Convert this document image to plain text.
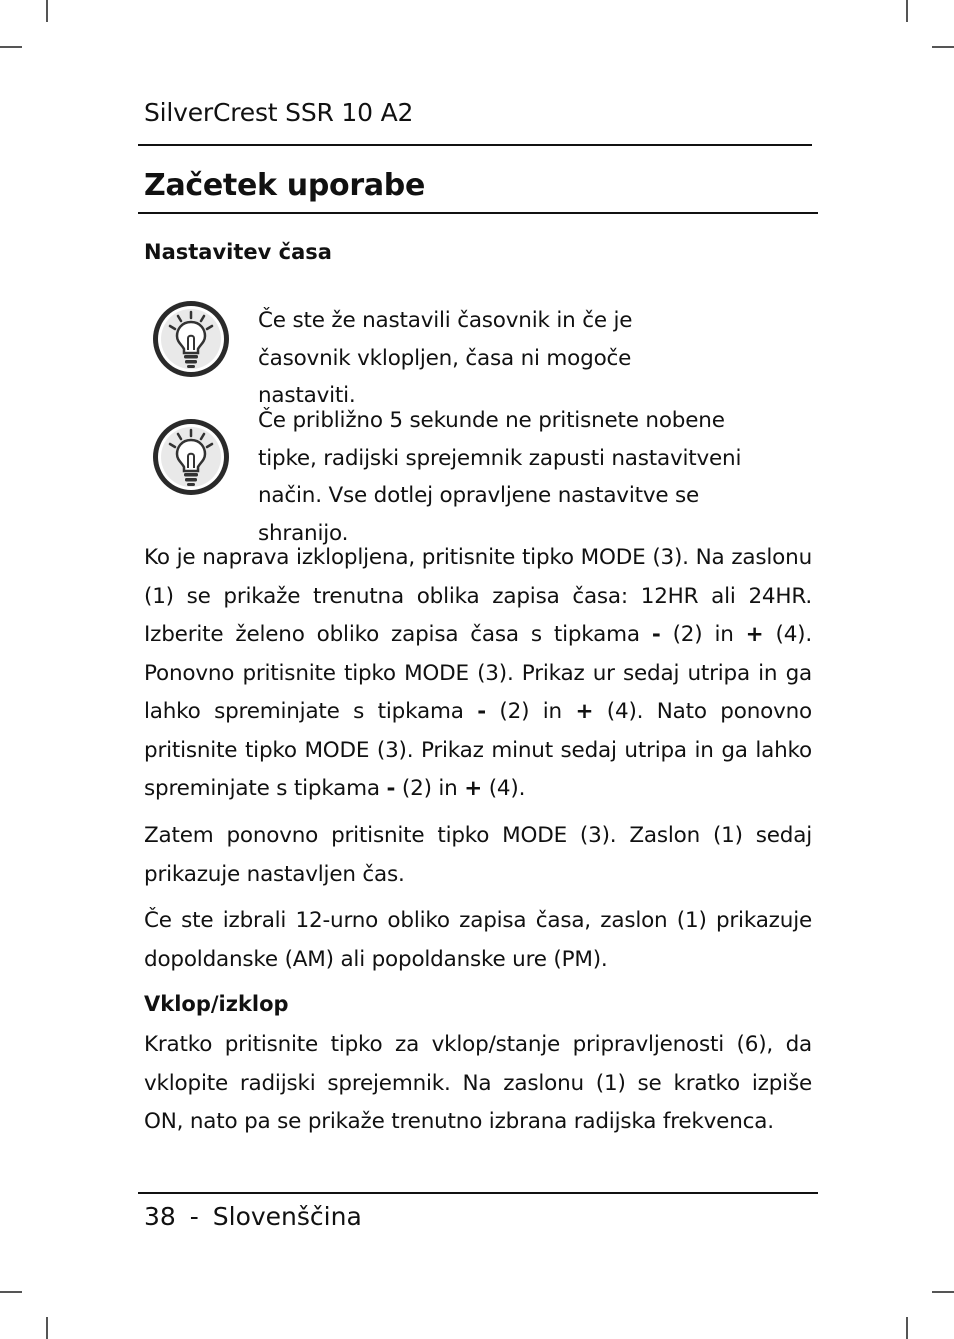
SilverCrest SSR 10 A2
Začetek uporabe
Nastavitev časa
Če ste že nastavili časovnik in če je časovnik vklopljen, časa ni mogoče nastaviti.
Če približno 5 sekunde ne pritisnete nobene tipke, radijski sprejemnik zapusti nastavitveni način. Vse dotlej opravljene nastavitve se shranijo.
Ko je naprava izklopljena, pritisnite tipko MODE (3). Na zaslonu (1) se prikaže trenutna oblika zapisa časa: 12HR ali 24HR. Izberite želeno obliko zapisa časa s tipkama - (2) in + (4). Ponovno pritisnite tipko MODE (3). Prikaz ur sedaj utripa in ga lahko spreminjate s tipkama - (2) in + (4). Nato ponovno pritisnite tipko MODE (3). Prikaz minut sedaj utripa in ga lahko spreminjate s tipkama - (2) in + (4).
Zatem ponovno pritisnite tipko MODE (3). Zaslon (1) sedaj prikazuje nastavljen čas.
Če ste izbrali 12-urno obliko zapisa časa, zaslon (1) prikazuje dopoldanske (AM) ali popoldanske ure (PM).
Vklop/izklop
Kratko pritisnite tipko za vklop/stanje pripravljenosti (6), da vklopite radijski sprejemnik. Na zaslonu (1) se kratko izpiše ON, nato pa se prikaže trenutno izbrana radijska frekvenca.
38 - Slovenščina
